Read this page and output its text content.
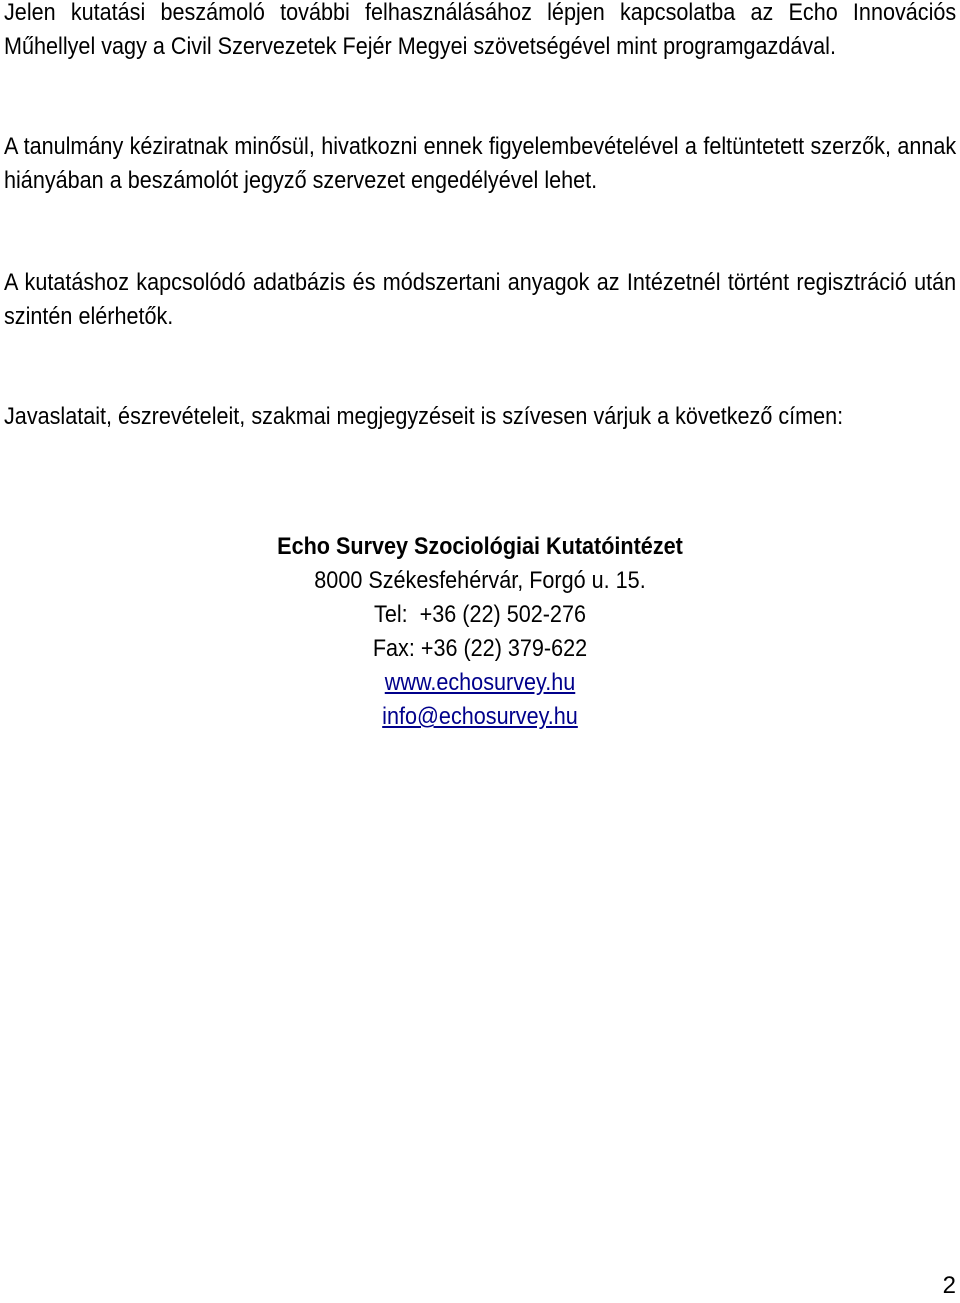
Jelen kutatási beszámoló további felhasználásához lépjen kapcsolatba az Echo Innovációs Műhellyel vagy a Civil Szervezetek Fejér Megyei szövetségével mint programgazdával.

A tanulmány kéziratnak minősül, hivatkozni ennek figyelembevételével a feltüntetett szerzők, annak hiányában a beszámolót jegyző szervezet engedélyével lehet.

A kutatáshoz kapcsolódó adatbázis és módszertani anyagok az Intézetnél történt regisztráció után szintén elérhetők.

Javaslatait, észrevételeit, szakmai megjegyzéseit is szívesen várjuk a következő címen:

Echo Survey Szociológiai Kutatóintézet
8000 Székesfehérvár, Forgó u. 15.
Tel:  +36 (22) 502-276
Fax: +36 (22) 379-622
www.echosurvey.hu
info@echosurvey.hu
2
